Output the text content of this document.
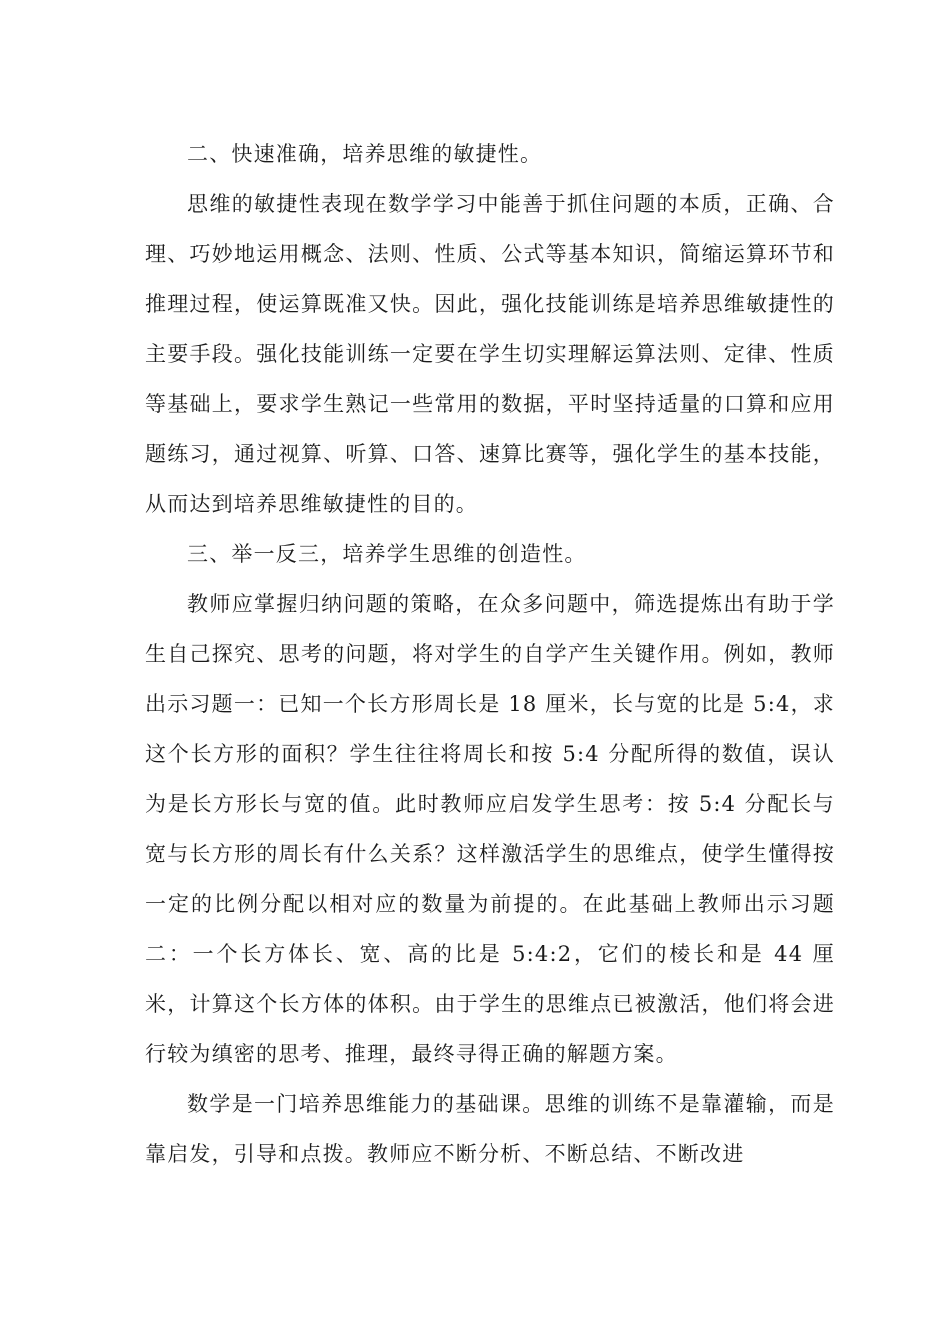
二、快速准确，培养思维的敏捷性。

思维的敏捷性表现在数学学习中能善于抓住问题的本质，正确、合理、巧妙地运用概念、法则、性质、公式等基本知识，简缩运算环节和推理过程，使运算既准又快。因此，强化技能训练是培养思维敏捷性的主要手段。强化技能训练一定要在学生切实理解运算法则、定律、性质等基础上，要求学生熟记一些常用的数据，平时坚持适量的口算和应用题练习，通过视算、听算、口答、速算比赛等，强化学生的基本技能，从而达到培养思维敏捷性的目的。

三、举一反三，培养学生思维的创造性。

教师应掌握归纳问题的策略，在众多问题中，筛选提炼出有助于学生自己探究、思考的问题，将对学生的自学产生关键作用。例如，教师出示习题一：已知一个长方形周长是 18 厘米，长与宽的比是 5:4，求这个长方形的面积？学生往往将周长和按 5:4 分配所得的数值，误认为是长方形长与宽的值。此时教师应启发学生思考：按 5:4 分配长与宽与长方形的周长有什么关系？这样激活学生的思维点，使学生懂得按一定的比例分配以相对应的数量为前提的。在此基础上教师出示习题二：一个长方体长、宽、高的比是 5:4:2，它们的棱长和是 44 厘米，计算这个长方体的体积。由于学生的思维点已被激活，他们将会进行较为缜密的思考、推理，最终寻得正确的解题方案。

数学是一门培养思维能力的基础课。思维的训练不是靠灌输，而是靠启发，引导和点拨。教师应不断分析、不断总结、不断改进
